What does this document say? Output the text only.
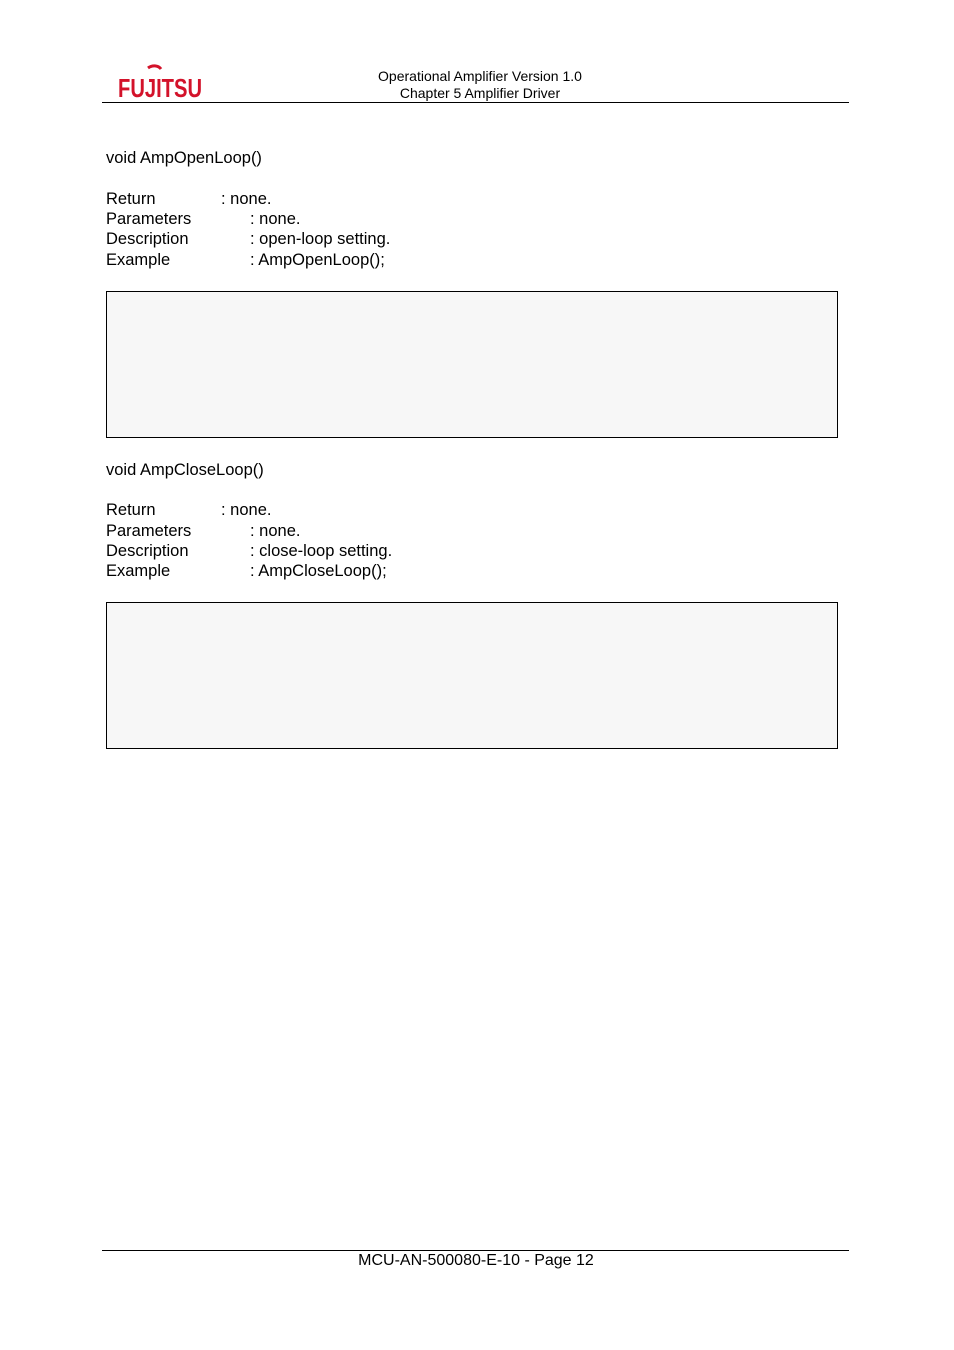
FUJITSU	Operational Amplifier Version 1.0
Chapter 5 Amplifier Driver
void AmpOpenLoop()
Return	: none.
Parameters	: none.
Description	: open-loop setting.
Example	: AmpOpenLoop();
void AmpCloseLoop()
Return	: none.
Parameters	: none.
Description	: close-loop setting.
Example	: AmpCloseLoop();
MCU-AN-500080-E-10 - Page 12
